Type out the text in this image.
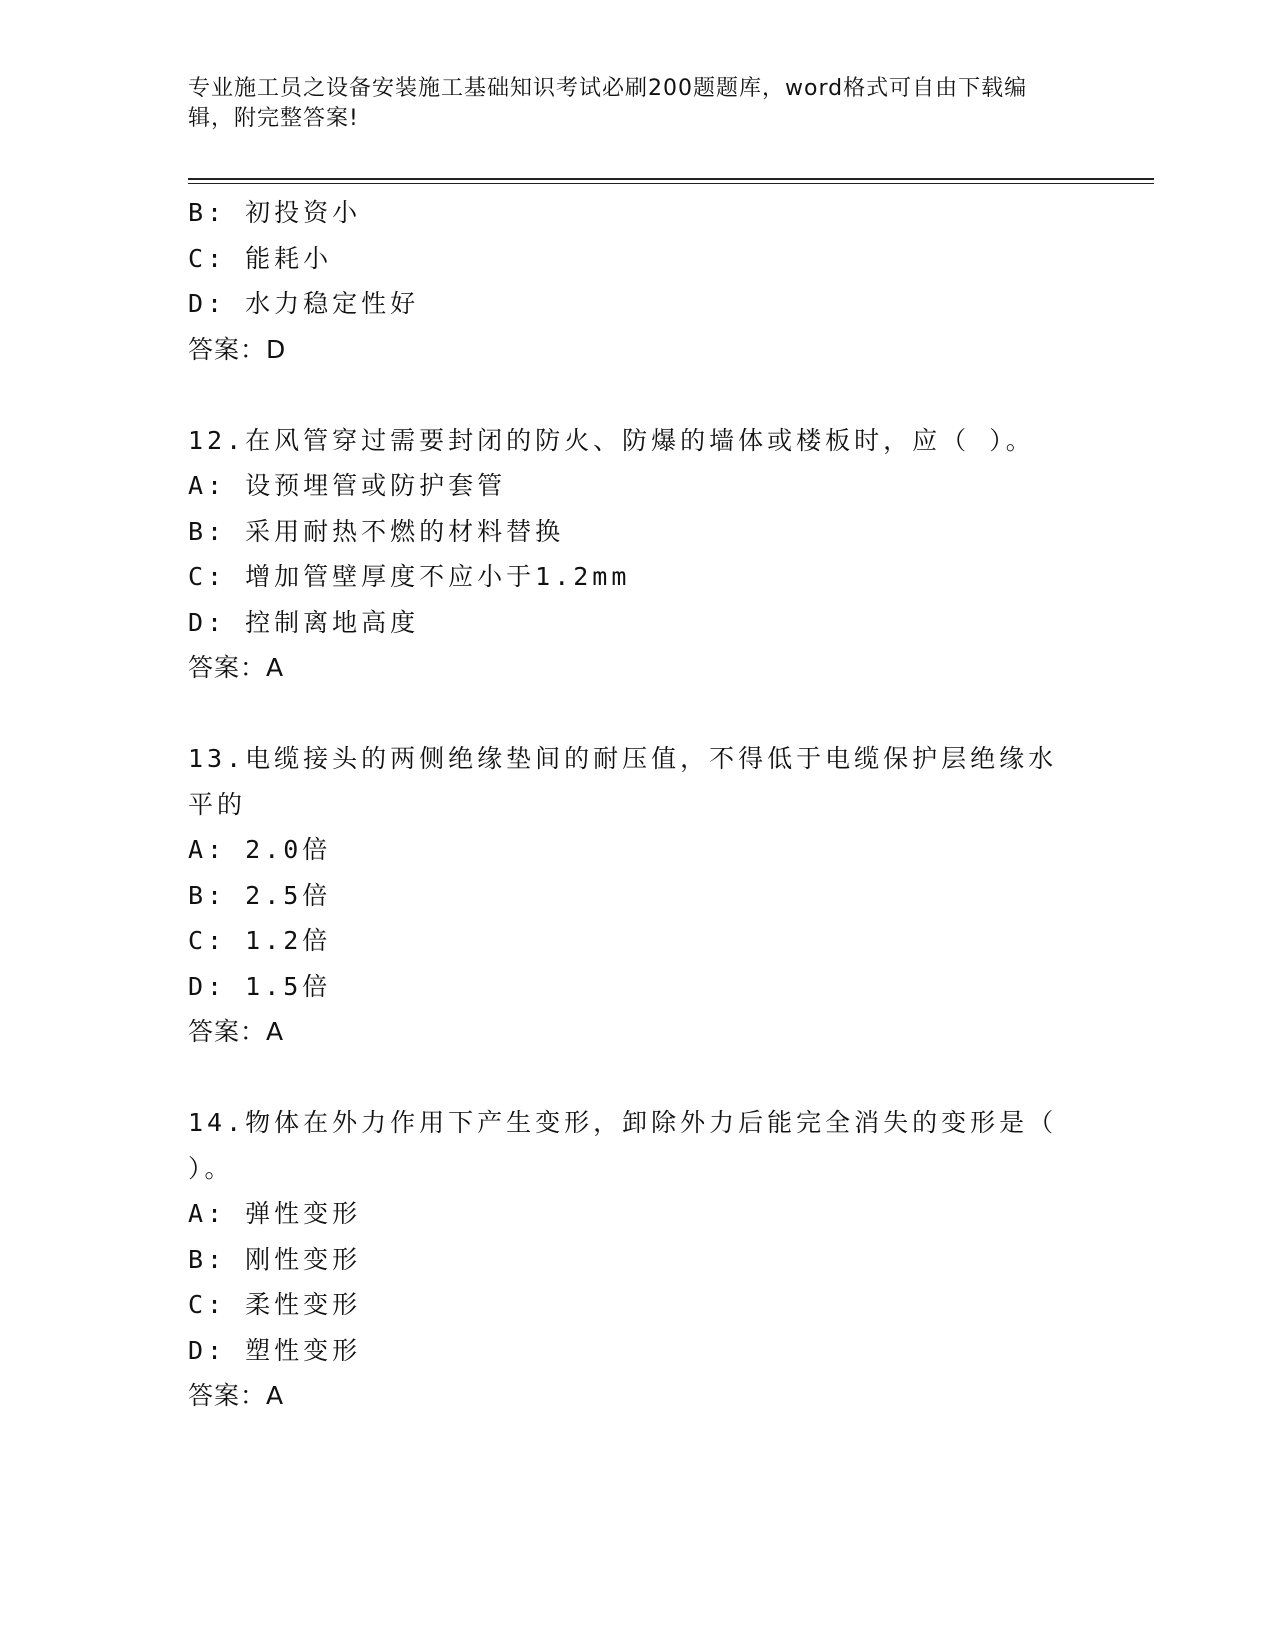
专业施工员之设备安装施工基础知识考试必刷200题题库，word格式可自由下载编辑，附完整答案!
B: 初投资小
C: 能耗小
D: 水力稳定性好
答案：D
12.在风管穿过需要封闭的防火、防爆的墙体或楼板时，应（ ）。
A: 设预埋管或防护套管
B: 采用耐热不燃的材料替换
C: 增加管壁厚度不应小于1.2mm
D: 控制离地高度
答案：A
13.电缆接头的两侧绝缘垫间的耐压值，不得低于电缆保护层绝缘水平的
A: 2.0倍
B: 2.5倍
C: 1.2倍
D: 1.5倍
答案：A
14.物体在外力作用下产生变形，卸除外力后能完全消失的变形是（ ）。
A: 弹性变形
B: 刚性变形
C: 柔性变形
D: 塑性变形
答案：A
